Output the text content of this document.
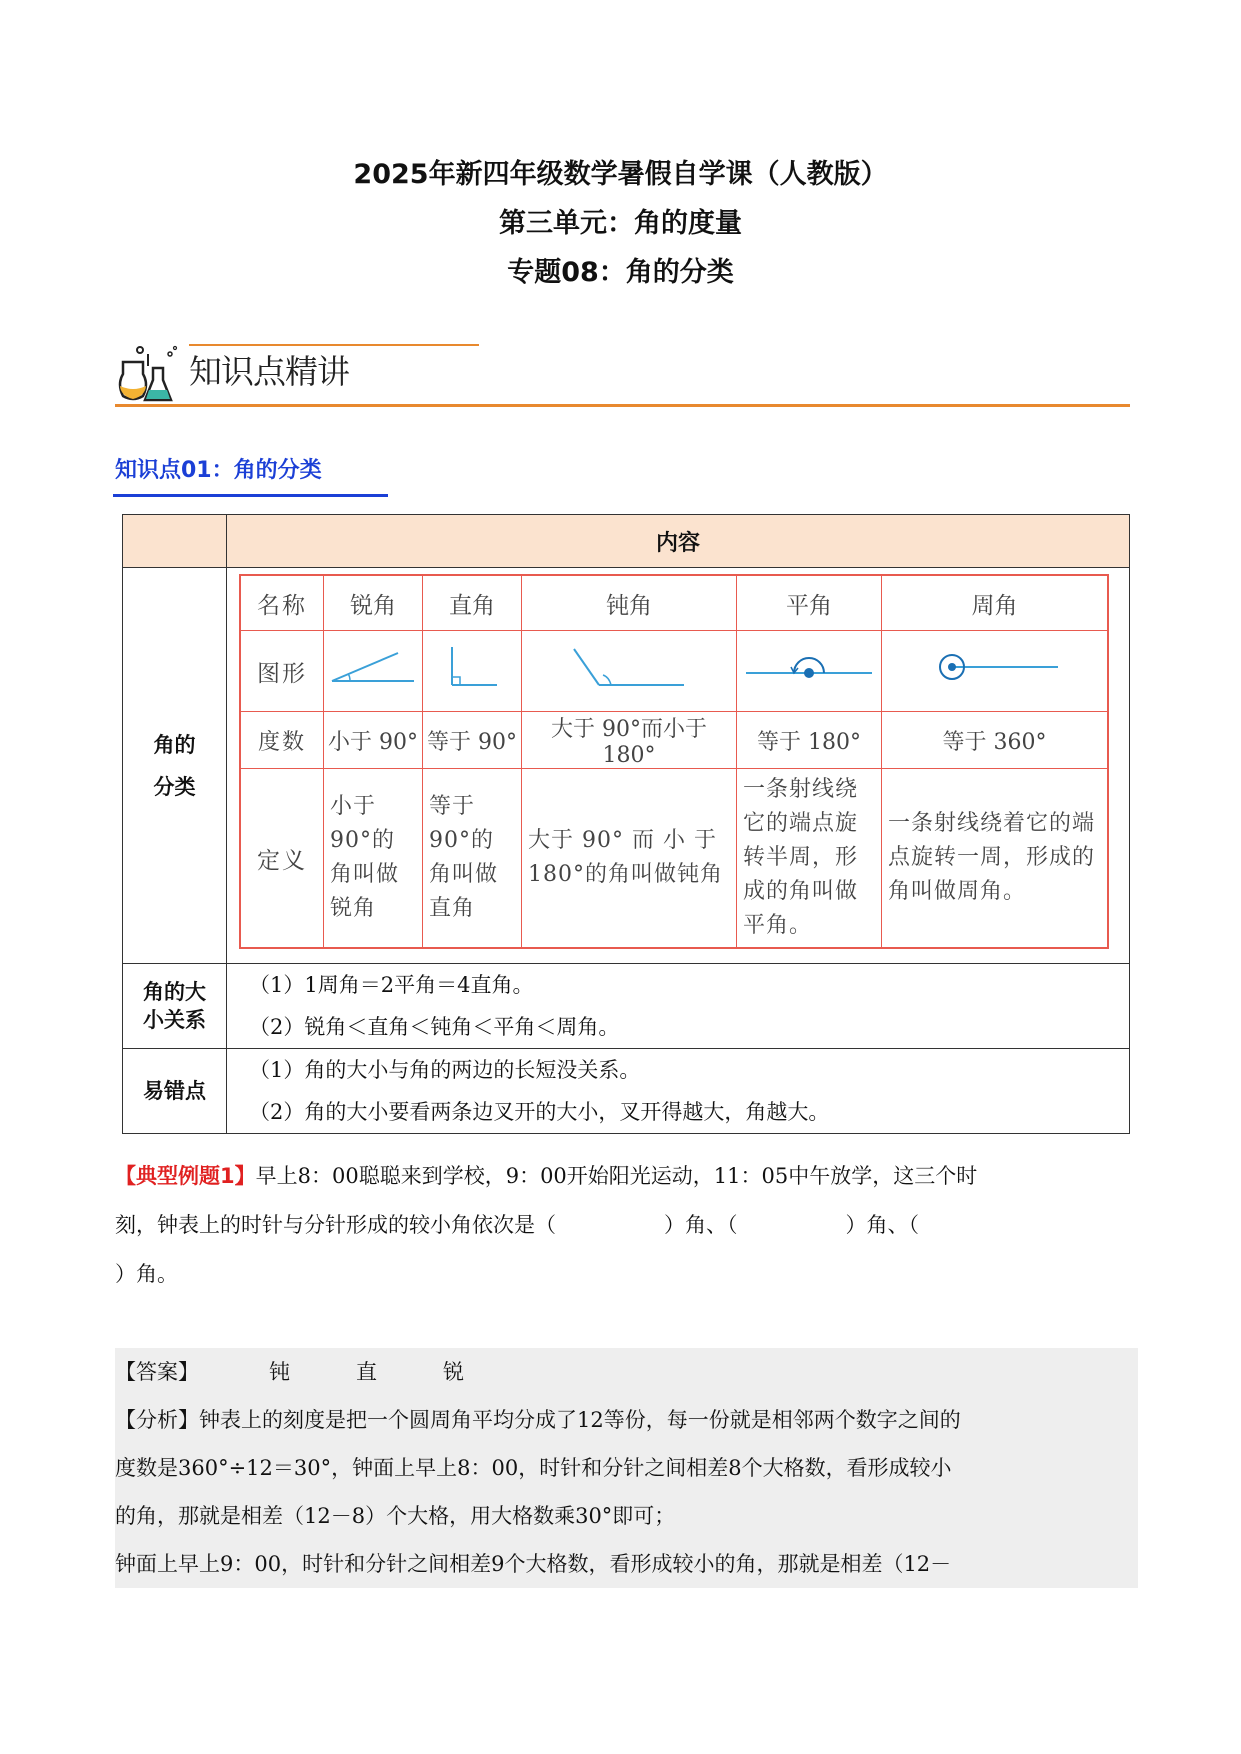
2025年新四年级数学暑假自学课（人教版）
第三单元：角的度量
专题08：角的分类
知识点精讲
知识点01：角的分类
	内容

角的
分类

名称	锐角	直角	钝角	平角	周角
图形					
度数	小于 90°	等于 90°	大于 90°而小于 180°	等于 180°	等于 360°
定义	小于90°的角叫做锐角	等于90°的角叫做直角	大于 90° 而 小 于 180°的角叫做钝角	一条射线绕它的端点旋转半周，形成的角叫做平角。	一条射线绕着它的端点旋转一周，形成的角叫做周角。

角的大
小关系

（1）1周角＝2平角＝4直角。
（2）锐角＜直角＜钝角＜平角＜周角。

易错点	
（1）角的大小与角的两边的长短没关系。
（2）角的大小要看两条边叉开的大小，叉开得越大，角越大。
【典型例题1】早上8：00聪聪来到学校，9：00开始阳光运动，11：05中午放学，这三个时
刻，钟表上的时针与分针形成的较小角依次是（	）角、（	）角、（
）角。
【答案】	钝	直	锐
【分析】钟表上的刻度是把一个圆周角平均分成了12等份，每一份就是相邻两个数字之间的
度数是360°÷12＝30°，钟面上早上8：00，时针和分针之间相差8个大格数，看形成较小
的角，那就是相差（12－8）个大格，用大格数乘30°即可；
钟面上早上9：00，时针和分针之间相差9个大格数，看形成较小的角，那就是相差（12－
